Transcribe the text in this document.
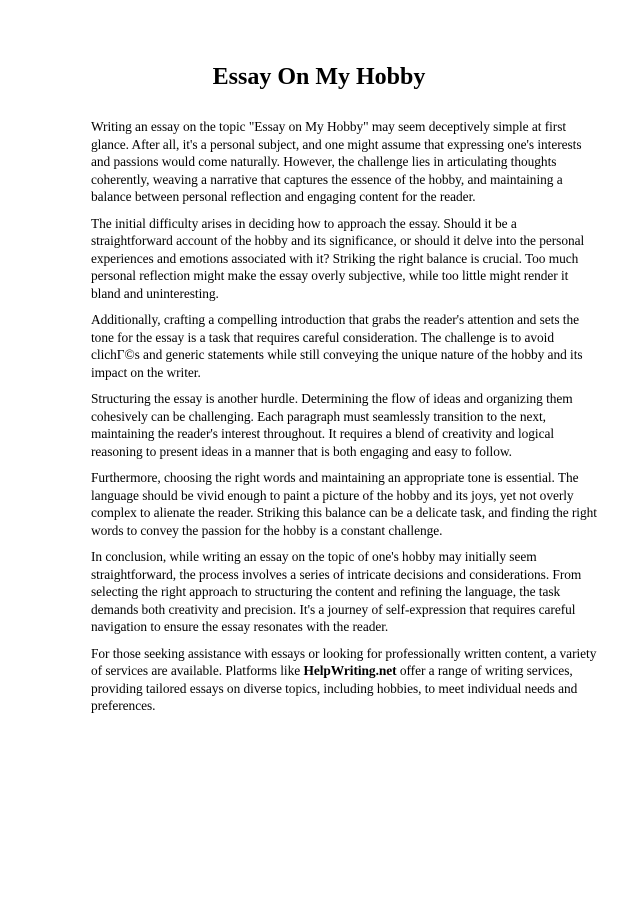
Essay On My Hobby

Writing an essay on the topic "Essay on My Hobby" may seem deceptively simple at first glance. After all, it's a personal subject, and one might assume that expressing one's interests and passions would come naturally. However, the challenge lies in articulating thoughts coherently, weaving a narrative that captures the essence of the hobby, and maintaining a balance between personal reflection and engaging content for the reader.

The initial difficulty arises in deciding how to approach the essay. Should it be a straightforward account of the hobby and its significance, or should it delve into the personal experiences and emotions associated with it? Striking the right balance is crucial. Too much personal reflection might make the essay overly subjective, while too little might render it bland and uninteresting.

Additionally, crafting a compelling introduction that grabs the reader's attention and sets the tone for the essay is a task that requires careful consideration. The challenge is to avoid clichГ©s and generic statements while still conveying the unique nature of the hobby and its impact on the writer.

Structuring the essay is another hurdle. Determining the flow of ideas and organizing them cohesively can be challenging. Each paragraph must seamlessly transition to the next, maintaining the reader's interest throughout. It requires a blend of creativity and logical reasoning to present ideas in a manner that is both engaging and easy to follow.

Furthermore, choosing the right words and maintaining an appropriate tone is essential. The language should be vivid enough to paint a picture of the hobby and its joys, yet not overly complex to alienate the reader. Striking this balance can be a delicate task, and finding the right words to convey the passion for the hobby is a constant challenge.

In conclusion, while writing an essay on the topic of one's hobby may initially seem straightforward, the process involves a series of intricate decisions and considerations. From selecting the right approach to structuring the content and refining the language, the task demands both creativity and precision. It's a journey of self-expression that requires careful navigation to ensure the essay resonates with the reader.

For those seeking assistance with essays or looking for professionally written content, a variety of services are available. Platforms like HelpWriting.net offer a range of writing services, providing tailored essays on diverse topics, including hobbies, to meet individual needs and preferences.
